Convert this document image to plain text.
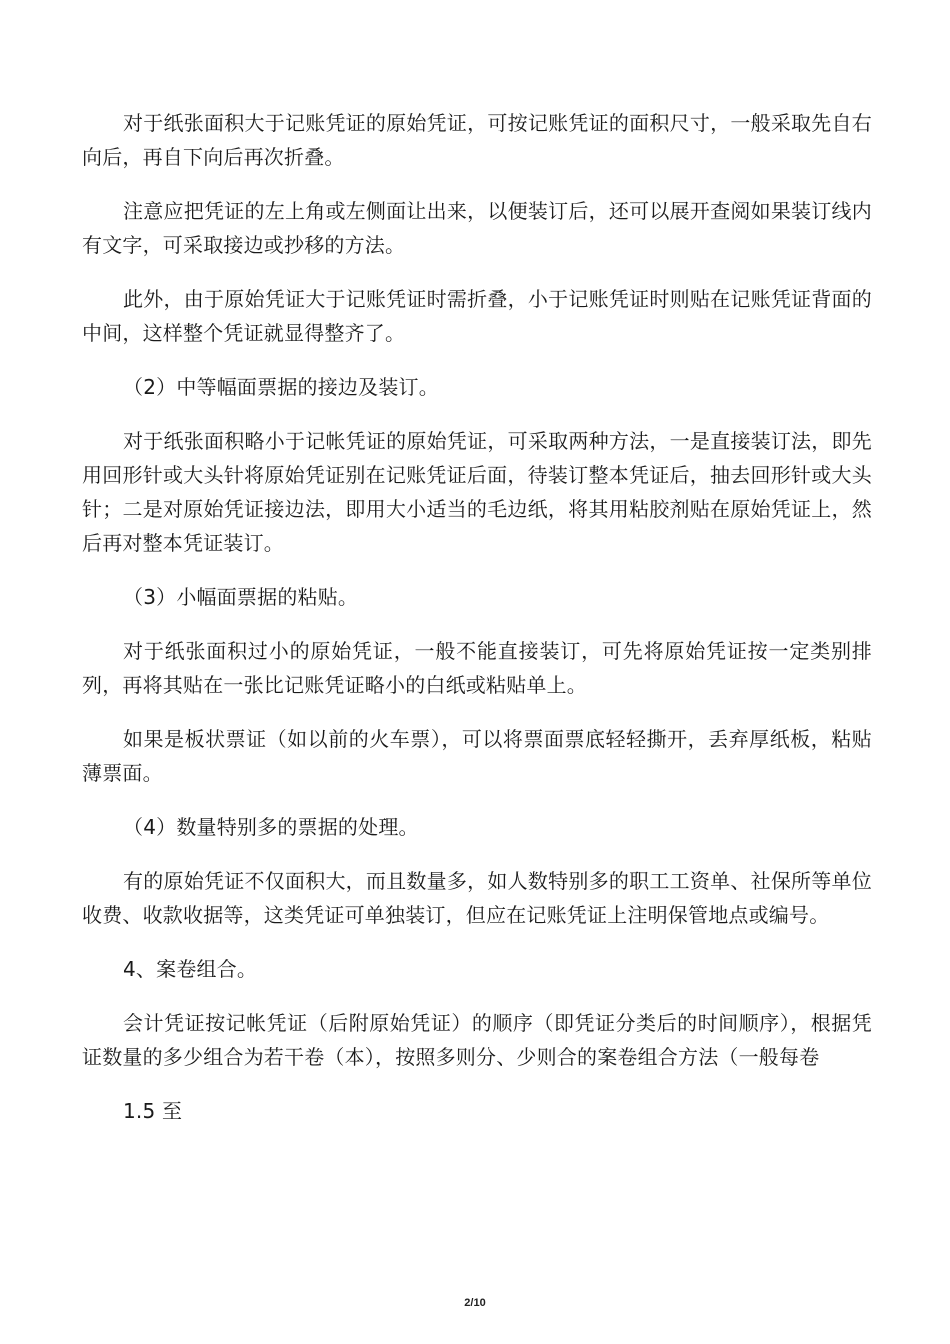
对于纸张面积大于记账凭证的原始凭证，可按记账凭证的面积尺寸，一般采取先自右向后，再自下向后再次折叠。

注意应把凭证的左上角或左侧面让出来，以便装订后，还可以展开查阅如果装订线内有文字，可采取接边或抄移的方法。

此外，由于原始凭证大于记账凭证时需折叠，小于记账凭证时则贴在记账凭证背面的中间，这样整个凭证就显得整齐了。

（2）中等幅面票据的接边及装订。

对于纸张面积略小于记帐凭证的原始凭证，可采取两种方法，一是直接装订法，即先用回形针或大头针将原始凭证别在记账凭证后面，待装订整本凭证后，抽去回形针或大头针；二是对原始凭证接边法，即用大小适当的毛边纸，将其用粘胶剂贴在原始凭证上，然后再对整本凭证装订。

（3）小幅面票据的粘贴。

对于纸张面积过小的原始凭证，一般不能直接装订，可先将原始凭证按一定类别排列，再将其贴在一张比记账凭证略小的白纸或粘贴单上。

如果是板状票证（如以前的火车票），可以将票面票底轻轻撕开，丢弃厚纸板，粘贴薄票面。

（4）数量特别多的票据的处理。

有的原始凭证不仅面积大，而且数量多，如人数特别多的职工工资单、社保所等单位收费、收款收据等，这类凭证可单独装订，但应在记账凭证上注明保管地点或编号。

4、案卷组合。

会计凭证按记帐凭证（后附原始凭证）的顺序（即凭证分类后的时间顺序），根据凭证数量的多少组合为若干卷（本），按照多则分、少则合的案卷组合方法（一般每卷

1.5 至

2/10
